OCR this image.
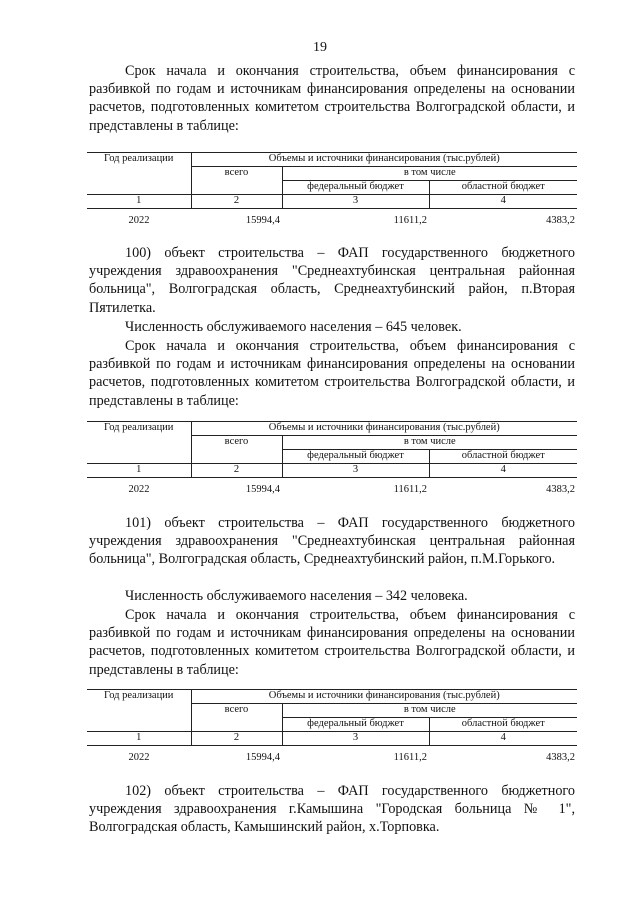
19

Срок начала и окончания строительства, объем финансирования с разбивкой по годам и источникам финансирования определены на основании расчетов, подготовленных комитетом строительства Волгоградской области, и представлены в таблице:

Год реализации	Объемы и источники финансирования (тыс.рублей)		
	всего	в том числе	
		федеральный бюджет	областной бюджет
1	2	3	4
2022	15994,4	11611,2	4383,2

100) объект строительства – ФАП государственного бюджетного учреждения здравоохранения "Среднеахтубинская центральная районная больница", Волгоградская область, Среднеахтубинский район, п.Вторая Пятилетка.

Численность обслуживаемого населения – 645 человек.

Срок начала и окончания строительства, объем финансирования с разбивкой по годам и источникам финансирования определены на основании расчетов, подготовленных комитетом строительства Волгоградской области, и представлены в таблице:

Год реализации	Объемы и источники финансирования (тыс.рублей)		
	всего	в том числе	
		федеральный бюджет	областной бюджет
1	2	3	4
2022	15994,4	11611,2	4383,2

101) объект строительства – ФАП государственного бюджетного учреждения здравоохранения "Среднеахтубинская центральная районная больница", Волгоградская область, Среднеахтубинский район, п.М.Горького.

Численность обслуживаемого населения – 342 человека.

Срок начала и окончания строительства, объем финансирования с разбивкой по годам и источникам финансирования определены на основании расчетов, подготовленных комитетом строительства Волгоградской области, и представлены в таблице:

Год реализации	Объемы и источники финансирования (тыс.рублей)		
	всего	в том числе	
		федеральный бюджет	областной бюджет
1	2	3	4
2022	15994,4	11611,2	4383,2

102) объект строительства – ФАП государственного бюджетного учреждения здравоохранения г.Камышина "Городская больница № 1", Волгоградская область, Камышинский район, х.Торповка.
